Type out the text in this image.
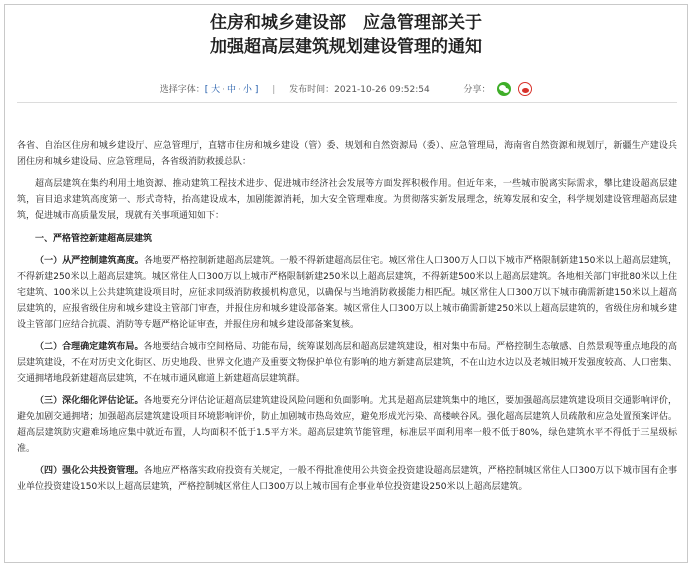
住房和城乡建设部　应急管理部关于
加强超高层建筑规划建设管理的通知
选择字体：[ 大 · 中 · 小 ] 　|　 发布时间：2021-10-26 09:52:54	分享：

各省、自治区住房和城乡建设厅、应急管理厅，直辖市住房和城乡建设（管）委、规划和自然资源局（委）、应急管理局，海南省自然资源和规划厅，新疆生产建设兵团住房和城乡建设局、应急管理局，各省级消防救援总队：

超高层建筑在集约利用土地资源、推动建筑工程技术进步、促进城市经济社会发展等方面发挥积极作用。但近年来，一些城市脱离实际需求，攀比建设超高层建筑，盲目追求建筑高度第一、形式奇特，抬高建设成本，加剧能源消耗，加大安全管理难度。为贯彻落实新发展理念，统筹发展和安全，科学规划建设管理超高层建筑，促进城市高质量发展，现就有关事项通知如下：

一、严格管控新建超高层建筑

（一）从严控制建筑高度。各地要严格控制新建超高层建筑。一般不得新建超高层住宅。城区常住人口300万人口以下城市严格限制新建150米以上超高层建筑，不得新建250米以上超高层建筑。城区常住人口300万以上城市严格限制新建250米以上超高层建筑，不得新建500米以上超高层建筑。各地相关部门审批80米以上住宅建筑、100米以上公共建筑建设项目时，应征求同级消防救援机构意见，以确保与当地消防救援能力相匹配。城区常住人口300万以下城市确需新建150米以上超高层建筑的，应报省级住房和城乡建设主管部门审查，并报住房和城乡建设部备案。城区常住人口300万以上城市确需新建250米以上超高层建筑的，省级住房和城乡建设主管部门应结合抗震、消防等专题严格论证审查，并报住房和城乡建设部备案复核。

（二）合理确定建筑布局。各地要结合城市空间格局、功能布局，统筹谋划高层和超高层建筑建设，相对集中布局。严格控制生态敏感、自然景观等重点地段的高层建筑建设，不在对历史文化街区、历史地段、世界文化遗产及重要文物保护单位有影响的地方新建高层建筑，不在山边水边以及老城旧城开发强度较高、人口密集、交通拥堵地段新建超高层建筑，不在城市通风廊道上新建超高层建筑群。

（三）深化细化评估论证。各地要充分评估论证超高层建筑建设风险问题和负面影响。尤其是超高层建筑集中的地区，要加强超高层建筑建设项目交通影响评价，避免加剧交通拥堵；加强超高层建筑建设项目环境影响评价，防止加剧城市热岛效应，避免形成光污染、高楼峡谷风。强化超高层建筑人员疏散和应急处置预案评估。超高层建筑防灾避难场地应集中就近布置，人均面积不低于1.5平方米。超高层建筑节能管理，标准层平面利用率一般不低于80%，绿色建筑水平不得低于三星级标准。

（四）强化公共投资管理。各地应严格落实政府投资有关规定，一般不得批准使用公共资金投资建设超高层建筑，严格控制城区常住人口300万以下城市国有企事业单位投资建设150米以上超高层建筑，严格控制城区常住人口300万以上城市国有企事业单位投资建设250米以上超高层建筑。
